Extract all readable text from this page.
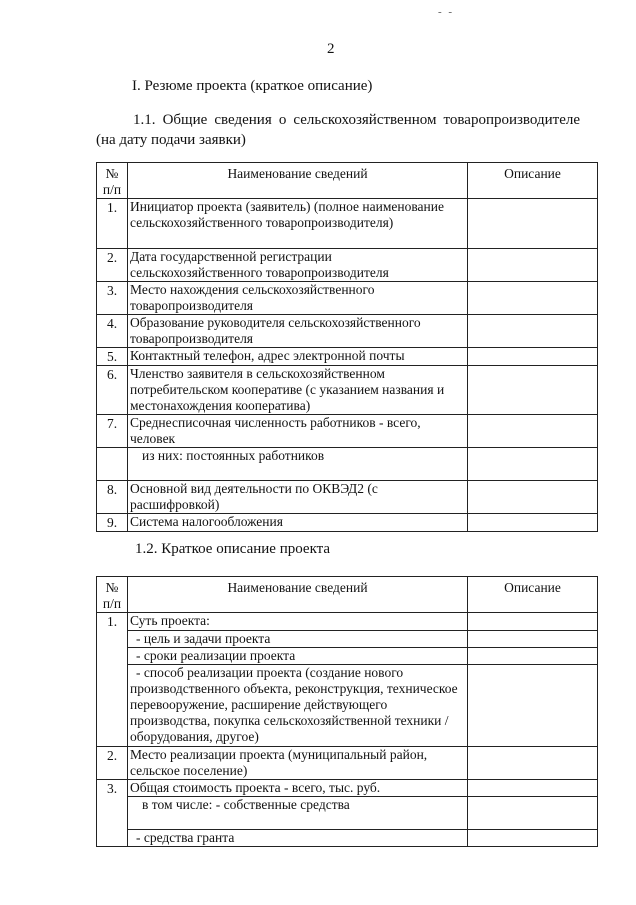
- -
2
I. Резюме проекта (краткое описание)
1.1. Общие сведения о сельскохозяйственном товаропроизводителе
(на дату подачи заявки)
№ п/п	Наименование сведений	Описание
1.	Инициатор проекта (заявитель) (полное наименование сельскохозяйственного товаропроизводителя)	
2.	Дата государственной регистрации сельскохозяйственного товаропроизводителя	
3.	Место нахождения сельскохозяйственного товаропроизводителя	
4.	Образование руководителя сельскохозяйственного товаропроизводителя	
5.	Контактный телефон, адрес электронной почты	
6.	Членство заявителя в сельскохозяйственном потребительском кооперативе (с указанием названия и местонахождения кооператива)	
7.	Среднесписочная численность работников - всего, человек	
	из них: постоянных работников	
8.	Основной вид деятельности по ОКВЭД2 (с расшифровкой)	
9.	Система налогообложения	
1.2. Краткое описание проекта
№ п/п	Наименование сведений	Описание
1.	Суть проекта:	
	- цель и задачи проекта	
	- сроки реализации проекта	
	- способ реализации проекта (создание нового производственного объекта, реконструкция, техническое перевооружение, расширение действующего производства, покупка сельскохозяйственной техники / оборудования, другое)	
2.	Место реализации проекта (муниципальный район, сельское поселение)	
3.	Общая стоимость проекта - всего, тыс. руб.	
	в том числе: - собственные средства	
	- средства гранта	
